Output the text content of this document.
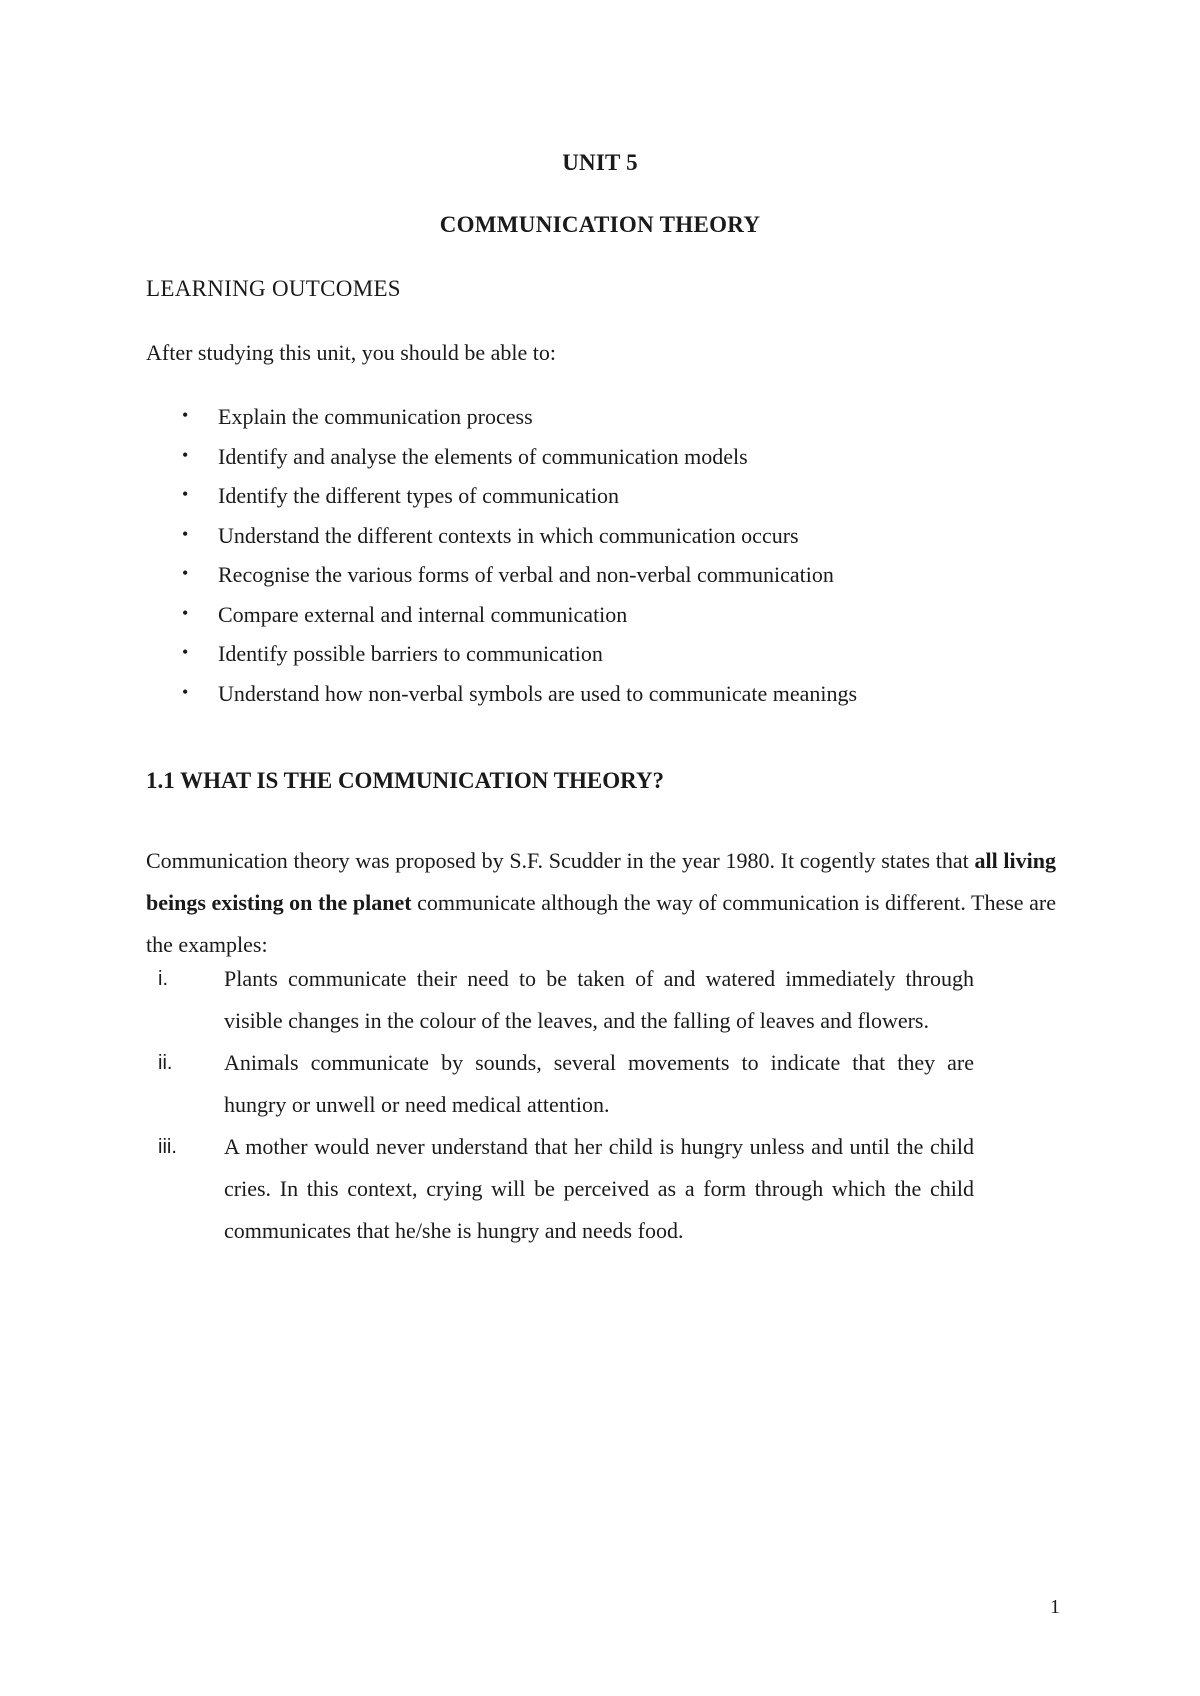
UNIT 5
COMMUNICATION THEORY
LEARNING OUTCOMES
After studying this unit, you should be able to:
• Explain the communication process
• Identify and analyse the elements of communication models
• Identify the different types of communication
• Understand the different contexts in which communication occurs
• Recognise the various forms of verbal and non-verbal communication
• Compare external and internal communication
• Identify possible barriers to communication
• Understand how non-verbal symbols are used to communicate meanings
1.1 WHAT IS THE COMMUNICATION THEORY?

Communication theory was proposed by S.F. Scudder in the year 1980. It cogently states that all living beings existing on the planet communicate although the way of communication is different. These are the examples:

i.	Plants communicate their need to be taken of and watered immediately through visible changes in the colour of the leaves, and the falling of leaves and flowers.
ii. Animals communicate by sounds, several movements to indicate that they are hungry or unwell or need medical attention.
iii. A mother would never understand that her child is hungry unless and until the child cries. In this context, crying will be perceived as a form through which the child communicates that he/she is hungry and needs food.
1
